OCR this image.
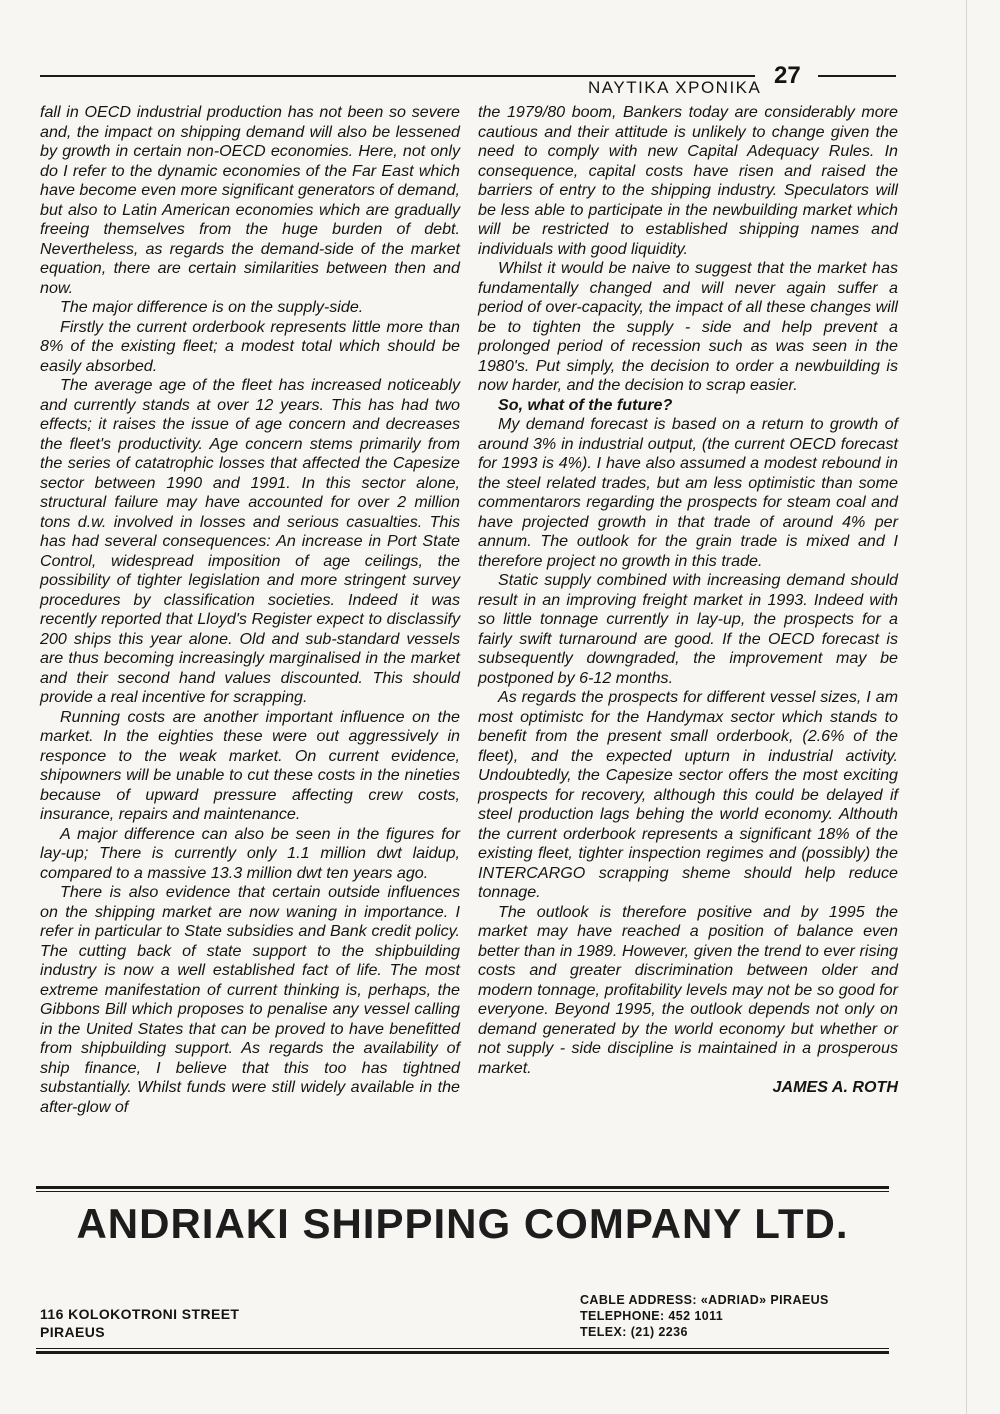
ΝΑΥΤΙΚΑ ΧΡΟΝΙΚΑ 27

fall in OECD industrial production has not been so severe and, the impact on shipping demand will also be lessened by growth in certain non-OECD economies. Here, not only do I refer to the dynamic economies of the Far East which have become even more significant generators of demand, but also to Latin American economies which are gradually freeing themselves from the huge burden of debt. Nevertheless, as regards the demand-side of the market equation, there are certain similarities between then and now.

The major difference is on the supply-side.

Firstly the current orderbook represents little more than 8% of the existing fleet; a modest total which should be easily absorbed.

The average age of the fleet has increased noticeably and currently stands at over 12 years. This has had two effects; it raises the issue of age concern and decreases the fleet's productivity. Age concern stems primarily from the series of catatrophic losses that affected the Capesize sector between 1990 and 1991. In this sector alone, structural failure may have accounted for over 2 million tons d.w. involved in losses and serious casualties. This has had several consequences: An increase in Port State Control, widespread imposition of age ceilings, the possibility of tighter legislation and more stringent survey procedures by classification societies. Indeed it was recently reported that Lloyd's Register expect to disclassify 200 ships this year alone. Old and sub-standard vessels are thus becoming increasingly marginalised in the market and their second hand values discounted. This should provide a real incentive for scrapping.

Running costs are another important influence on the market. In the eighties these were out aggressively in responce to the weak market. On current evidence, shipowners will be unable to cut these costs in the nineties because of upward pressure affecting crew costs, insurance, repairs and maintenance.

A major difference can also be seen in the figures for lay-up; There is currently only 1.1 million dwt laidup, compared to a massive 13.3 million dwt ten years ago.

There is also evidence that certain outside influences on the shipping market are now waning in importance. I refer in particular to State subsidies and Bank credit policy. The cutting back of state support to the shipbuilding industry is now a well established fact of life. The most extreme manifestation of current thinking is, perhaps, the Gibbons Bill which proposes to penalise any vessel calling in the United States that can be proved to have benefitted from shipbuilding support. As regards the availability of ship finance, I believe that this too has tightned substantially. Whilst funds were still widely available in the after-glow of

the 1979/80 boom, Bankers today are considerably more cautious and their attitude is unlikely to change given the need to comply with new Capital Adequacy Rules. In consequence, capital costs have risen and raised the barriers of entry to the shipping industry. Speculators will be less able to participate in the newbuilding market which will be restricted to established shipping names and individuals with good liquidity.

Whilst it would be naive to suggest that the market has fundamentally changed and will never again suffer a period of over-capacity, the impact of all these changes will be to tighten the supply - side and help prevent a prolonged period of recession such as was seen in the 1980's. Put simply, the decision to order a newbuilding is now harder, and the decision to scrap easier.

So, what of the future?

My demand forecast is based on a return to growth of around 3% in industrial output, (the current OECD forecast for 1993 is 4%). I have also assumed a modest rebound in the steel related trades, but am less optimistic than some commentarors regarding the prospects for steam coal and have projected growth in that trade of around 4% per annum. The outlook for the grain trade is mixed and I therefore project no growth in this trade.

Static supply combined with increasing demand should result in an improving freight market in 1993. Indeed with so little tonnage currently in lay-up, the prospects for a fairly swift turnaround are good. If the OECD forecast is subsequently downgraded, the improvement may be postponed by 6-12 months.

As regards the prospects for different vessel sizes, I am most optimistc for the Handymax sector which stands to benefit from the present small orderbook, (2.6% of the fleet), and the expected upturn in industrial activity. Undoubtedly, the Capesize sector offers the most exciting prospects for recovery, although this could be delayed if steel production lags behing the world economy. Althouth the current orderbook represents a significant 18% of the existing fleet, tighter inspection regimes and (possibly) the INTERCARGO scrapping sheme should help reduce tonnage.

The outlook is therefore positive and by 1995 the market may have reached a position of balance even better than in 1989. However, given the trend to ever rising costs and greater discrimination between older and modern tonnage, profitability levels may not be so good for everyone. Beyond 1995, the outlook depends not only on demand generated by the world economy but whether or not supply - side discipline is maintained in a prosperous market.

JAMES A. ROTH

ANDRIAKI SHIPPING COMPANY LTD.
116 KOLOKOTRONI STREET
PIRAEUS
CABLE ADDRESS: «ADRIAD» PIRAEUS
TELEPHONE: 452 1011
TELEX: (21) 2236
